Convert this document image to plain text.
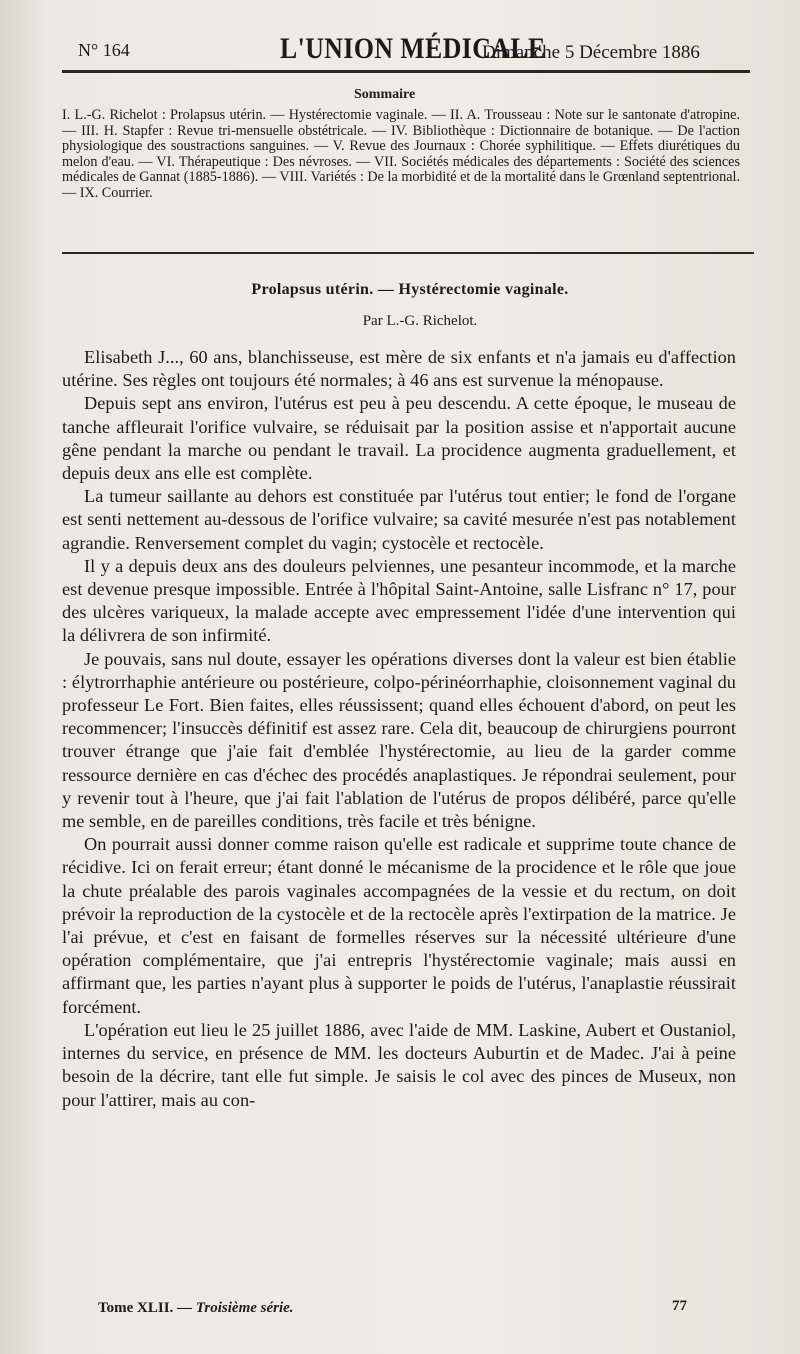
N° 164	L'UNION MÉDICALE
Dimanche 5 Décembre 1886
Sommaire

I. L.-G. Richelot : Prolapsus utérin. — Hystérectomie vaginale. — II. A. Trousseau : Note sur le santonate d'atropine. — III. H. Stapfer : Revue tri-mensuelle obstétricale. — IV. Bibliothèque : Dictionnaire de botanique. — De l'action physiologique des soustractions sanguines. — V. Revue des Journaux : Chorée syphilitique. — Effets diurétiques du melon d'eau. — VI. Thérapeutique : Des névroses. — VII. Sociétés médicales des départements : Société des sciences médicales de Gannat (1885-1886). — VIII. Variétés : De la morbidité et de la mortalité dans le Grœnland septentrional. — IX. Courrier.

Prolapsus utérin. — Hystérectomie vaginale.
Par L.-G. Richelot.

Elisabeth J..., 60 ans, blanchisseuse, est mère de six enfants et n'a jamais eu d'affection utérine. Ses règles ont toujours été normales; à 46 ans est survenue la ménopause.

Depuis sept ans environ, l'utérus est peu à peu descendu. A cette époque, le museau de tanche affleurait l'orifice vulvaire, se réduisait par la position assise et n'apportait aucune gêne pendant la marche ou pendant le travail. La procidence augmenta graduellement, et depuis deux ans elle est complète.

La tumeur saillante au dehors est constituée par l'utérus tout entier; le fond de l'organe est senti nettement au-dessous de l'orifice vulvaire; sa cavité mesurée n'est pas notablement agrandie. Renversement complet du vagin; cystocèle et rectocèle.

Il y a depuis deux ans des douleurs pelviennes, une pesanteur incommode, et la marche est devenue presque impossible. Entrée à l'hôpital Saint-Antoine, salle Lisfranc n° 17, pour des ulcères variqueux, la malade accepte avec empressement l'idée d'une intervention qui la délivrera de son infirmité.

Je pouvais, sans nul doute, essayer les opérations diverses dont la valeur est bien établie : élytrorrhaphie antérieure ou postérieure, colpo-périnéorrhaphie, cloisonnement vaginal du professeur Le Fort. Bien faites, elles réussissent; quand elles échouent d'abord, on peut les recommencer; l'insuccès définitif est assez rare. Cela dit, beaucoup de chirurgiens pourront trouver étrange que j'aie fait d'emblée l'hystérectomie, au lieu de la garder comme ressource dernière en cas d'échec des procédés anaplastiques. Je répondrai seulement, pour y revenir tout à l'heure, que j'ai fait l'ablation de l'utérus de propos délibéré, parce qu'elle me semble, en de pareilles conditions, très facile et très bénigne.

On pourrait aussi donner comme raison qu'elle est radicale et supprime toute chance de récidive. Ici on ferait erreur; étant donné le mécanisme de la procidence et le rôle que joue la chute préalable des parois vaginales accompagnées de la vessie et du rectum, on doit prévoir la reproduction de la cystocèle et de la rectocèle après l'extirpation de la matrice. Je l'ai prévue, et c'est en faisant de formelles réserves sur la nécessité ultérieure d'une opération complémentaire, que j'ai entrepris l'hystérectomie vaginale; mais aussi en affirmant que, les parties n'ayant plus à supporter le poids de l'utérus, l'anaplastie réussirait forcément.

L'opération eut lieu le 25 juillet 1886, avec l'aide de MM. Laskine, Aubert et Oustaniol, internes du service, en présence de MM. les docteurs Auburtin et de Madec. J'ai à peine besoin de la décrire, tant elle fut simple. Je saisis le col avec des pinces de Museux, non pour l'attirer, mais au con-

Tome XLII. — Troisième série.	77
